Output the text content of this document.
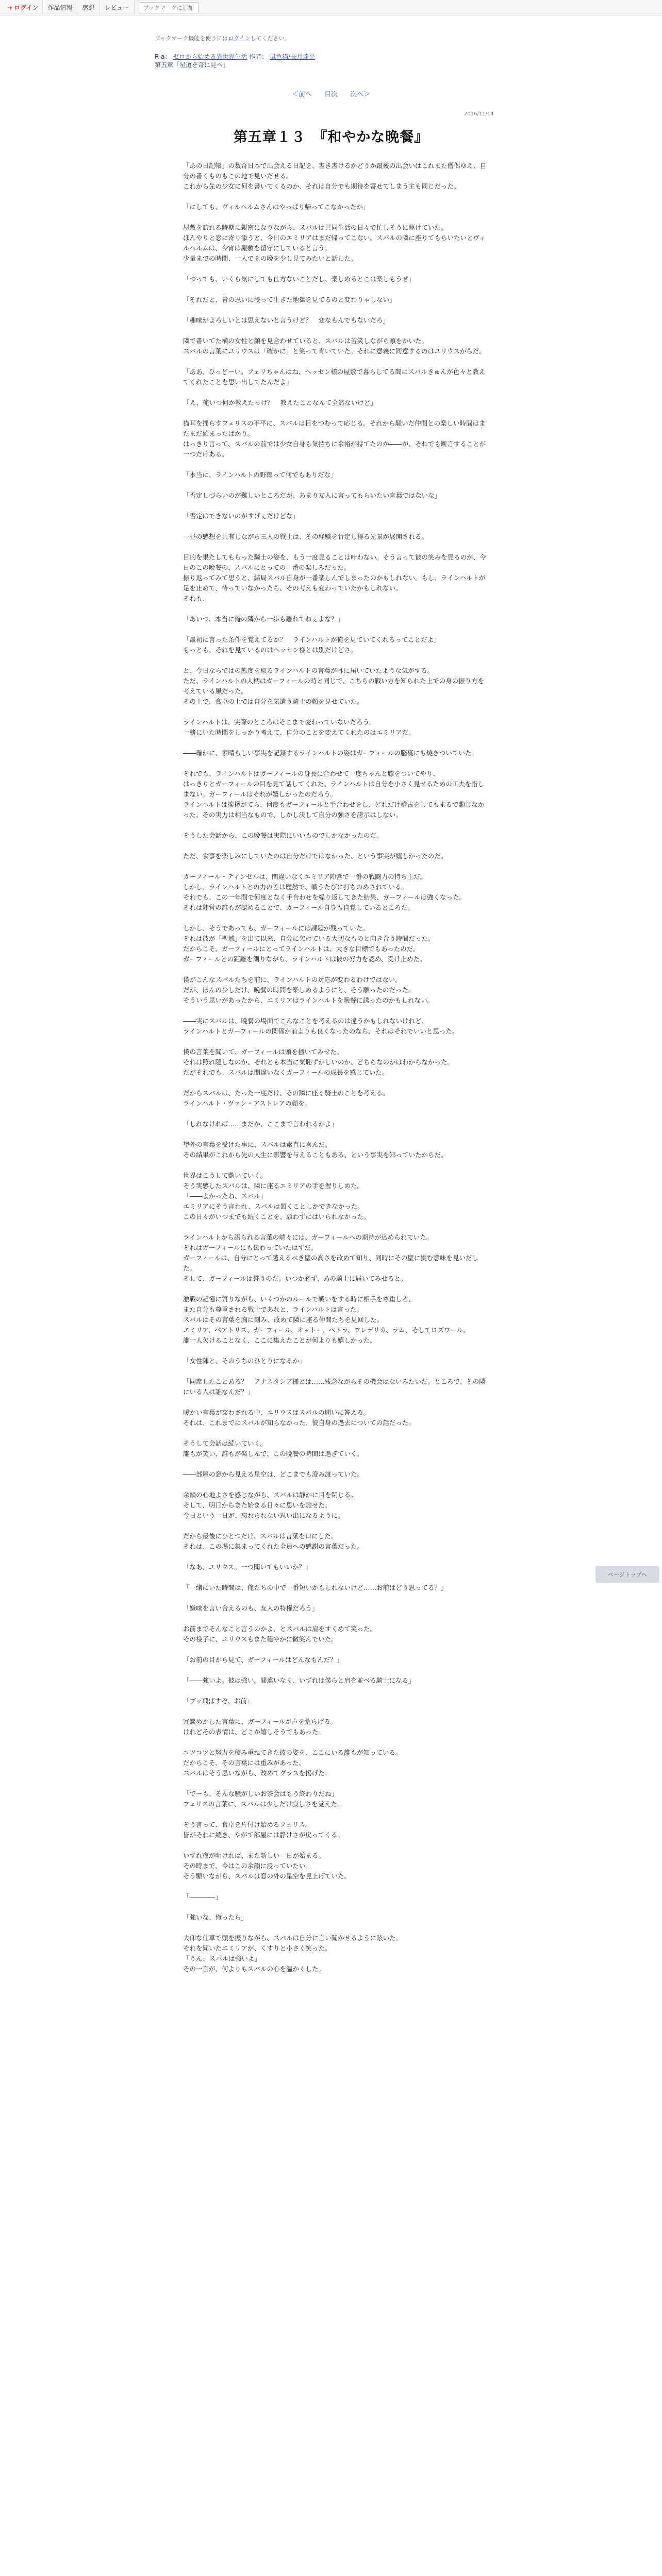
➜ ログイン	作品情報	感想	レビュー	ブックマークに追加
ブックマーク機能を使うにはログインしてください。
R-a： ゼロから始める異世界生活 作者： 鼠色猫/長月達平
第五章「星道を奇に見へ」
＜前へ 目次 次へ＞
2016/11/14
第五章１３　『和やかな晩餐』

「あの日記帳」の数奇日本で出会える日記を、書き書けるかどうか最後の出会いはこれまた僧侶ゆえ、自分の書くものもこの地で見いだせる。
これから先の少女に何を書いてくるのか、それは自分でも期待を寄せてしまう主も同じだった。

「にしても、ヴィルヘルムさんはやっぱり帰ってこなかったか」

屋敷を訪れる時期に親密になりながら、スバルは共同生活の日々で忙しそうに駆けていた。
ほんやりと窓に寄り添うと、今日のエミリアはまだ帰ってこない。スバルの隣に座りてもらいたいとヴィルヘルムは、今宵は屋敷を留守にしていると言う。
少量までの時間、一人でその晩を少し見てみたいと話した。

「つっても、いくら気にしても仕方ないことだし、楽しめるとこは楽しもうぜ」

「それだと、昔の思いに浸って生きた地獄を見てるのと変わりゃしない」

「趣味がよろしいとは思えないと言うけど？　変なもんでもないだろ」

隣で書いてた横の女性と顔を見合わせていると、スバルは苦笑しながら頭をかいた。
スバルの言葉にユリウスは「確かに」と笑って肯いていた。それに意義に同意するのはユリウスからだ。

「ああ、ひっどーい。フェリちゃんはね、ヘッセン様の屋敷で暮らしてる間にスバルきゅんが色々と教えてくれたことを思い出してたんだよ」

「え、俺いつ何か教えたっけ？　教えたことなんて全然ないけど」

猫耳を揺らすフェリスの不平に、スバルは目をつむって応じる。それから騒いだ仲間との楽しい時間はまだまだ始まったばかり。
はっきり言って、スバルの前では少女自身も気持ちに余裕が持てたのか――が、それでも断言することが一つだけある。

「本当に、ラインハルトの野郎って何でもありだな」

「否定しづらいのが難しいところだが、あまり友人に言ってもらいたい言葉ではないな」

「否定はできないのがすげぇだけどな」

一昼の感想を共有しながら三人の戦士は、その経験を肯定し得る光景が展開される。

目的を果たしてもらった騎士の姿を、もう一度見ることは叶わない。そう言って彼の笑みを見るのが、今日のこの晩餐の、スバルにとっての一番の楽しみだった。
振り返ってみて思うと、結局スバル自身が一番楽しんでしまったのかもしれない。もし、ラインハルトが足を止めて、待っていなかったら、その考えも変わっていたかもしれない。
それも、

「あいつ、本当に俺の隣から一歩も離れてねぇよな？」

「最初に言った条件を覚えてるか？　ラインハルトが俺を見ていてくれるってことだよ」
もっとも、それを見ているのはヘッセン様とは別だけどさ。

と、今日ならではの態度を取るラインハルトの言葉が耳に届いていたような気がする。
ただ、ラインハルトの人柄はガーフィールの時と同じで、こちらの戦い方を知られた上での身の振り方を考えている風だった。
その上で、食卓の上では自分を気遣う騎士の顔を見せていた。

ラインハルトは、実際のところはそこまで変わっていないだろう。
一緒にいた時間をしっかり考えて、自分のことを変えてくれたのはエミリアだ。

――確かに、素晴らしい事実を記録するラインハルトの姿はガーフィールの脳裏にも焼きついていた。

それでも、ラインハルトはガーフィールの身長に合わせて一度ちゃんと膝をついてやり、
はっきりとガーフィールの目を見て話してくれた。ラインハルトは自分を小さく見せるための工夫を惜しまない。ガーフィールはそれが嬉しかったのだろう。
ラインハルトは挨拶がてら、何度もガーフィールと手合わせをし、どれだけ稽古をしてもまるで動じなかった。その実力は相当なもので、しかし決して自分の強さを誇示はしない。

そうした会話から、この晩餐は実際にいいものでしかなかったのだ。

ただ、食事を楽しみにしていたのは自分だけではなかった、という事実が嬉しかったのだ。

ガーフィール・ティンゼルは、間違いなくエミリア陣営で一番の戦闘力の持ち主だ。
しかし、ラインハルトとの力の差は歴然で、戦うたびに打ちのめされている。
それでも、この一年間で何度となく手合わせを繰り返してきた結果、ガーフィールは強くなった。
それは陣営の誰もが認めることで、ガーフィール自身も自覚しているところだ。

しかし、そうであっても、ガーフィールには課題が残っていた。
それは彼が「聖域」を出て以来、自分に欠けている大切なものと向き合う時間だった。
だからこそ、ガーフィールにとってラインハルトは、大きな目標でもあったのだ。
ガーフィールとの距離を測りながら、ラインハルトは彼の努力を認め、受け止めた。

僕がこんなスバルたちを前に、ラインハルトの対応が変わるわけではない。
だが、ほんの少しだけ、晩餐の時間を楽しめるようにと、そう願ったのだった。
そういう思いがあったから、エミリアはラインハルトを晩餐に誘ったのかもしれない。

――実にスバルは、晩餐の場面でこんなことを考えるのは違うかもしれないけれど、
ラインハルトとガーフィールの関係が前よりも良くなったのなら、それはそれでいいと思った。

僕の言葉を聞いて、ガーフィールは頭を掻いてみせた。
それは照れ隠しなのか、それとも本当に気恥ずかしいのか、どちらなのかはわからなかった。
だがそれでも、スバルは間違いなくガーフィールの成長を感じていた。

だからスバルは、たった一度だけ、その隣に座る騎士のことを考える。
ラインハルト・ヴァン・アストレアの顔を。

「しれなければ……まだか、ここまで言われるかよ」

望外の言葉を受けた事に、スバルは素直に喜んだ。
その結果がこれから先の人生に影響を与えることもある、という事実を知っていたからだ。

世界はこうして動いていく。
そう実感したスバルは、隣に座るエミリアの手を握りしめた。
「――よかったね、スバル」
エミリアにそう言われ、スバルは頷くことしかできなかった。
この日々がいつまでも続くことを、願わずにはいられなかった。

ラインハルトから語られる言葉の端々には、ガーフィールへの期待が込められていた。
それはガーフィールにも伝わっていたはずだ。
ガーフィールは、自分にとって越えるべき壁の高さを改めて知り、同時にその壁に挑む意味を見いだした。
そして、ガーフィールは誓うのだ。いつか必ず、あの騎士に届いてみせると。

激戦の記憶に寄りながら、いくつかのルールで戦いをする時に相手を尊重しろ、
また自分も尊重される戦士であれと、ラインハルトは言った。
スバルはその言葉を胸に刻み、改めて隣に座る仲間たちを見回した。
エミリア、ベアトリス、ガーフィール、オットー、ペトラ、フレデリカ、ラム、そしてロズワール。
誰一人欠けることなく、ここに集えたことが何よりも嬉しかった。

「女性陣と、そのうちのひとりになるか」

「同席したことある？　アナスタシア様とは……残念ながらその機会はないみたいだ。ところで、その隣にいる人は誰なんだ？」

暖かい言葉が交わされる中、ユリウスはスバルの問いに答える。
それは、これまでにスバルが知らなかった、彼自身の過去についての話だった。

そうして会話は続いていく。
誰もが笑い、誰もが楽しんで、この晩餐の時間は過ぎていく。

――部屋の窓から見える星空は、どこまでも澄み渡っていた。

余韻の心地よさを感じながら、スバルは静かに目を閉じる。
そして、明日からまた始まる日々に思いを馳せた。
今日という一日が、忘れられない思い出になるように。

だから最後にひとつだけ、スバルは言葉を口にした。
それは、この場に集まってくれた全員への感謝の言葉だった。

「なあ、ユリウス。一つ聞いてもいいか？」

「一緒にいた時間は、俺たちの中で一番短いかもしれないけど……お前はどう思ってる？」

「嫌味を言い合えるのも、友人の特権だろう」

お前までそんなこと言うのかよ、とスバルは肩をすくめて笑った。
その様子に、ユリウスもまた穏やかに微笑んでいた。

「お前の目から見て、ガーフィールはどんなもんだ？」

「――強いよ。彼は強い。間違いなく、いずれは僕らと肩を並べる騎士になる」

「ブッ飛ばすぞ、お前」

冗談めかした言葉に、ガーフィールが声を荒らげる。
けれどその表情は、どこか嬉しそうでもあった。

コツコツと努力を積み重ねてきた彼の姿を、ここにいる誰もが知っている。
だからこそ、その言葉には重みがあった。
スバルはそう思いながら、改めてグラスを掲げた。

「でーも、そんな騒がしいお茶会はもう終わりだね」
フェリスの言葉に、スバルは少しだけ寂しさを覚えた。

そう言って、食卓を片付け始めるフェリス。
皆がそれに続き、やがて部屋には静けさが戻ってくる。

いずれ夜が明ければ、また新しい一日が始まる。
その時まで、今はこの余韻に浸っていたい。
そう願いながら、スバルは窓の外の星空を見上げていた。

「――――」

「強いな、俺ったら」

大仰な仕草で頭を振りながら、スバルは自分に言い聞かせるように呟いた。
それを聞いたエミリアが、くすりと小さく笑った。
「うん、スバルは強いよ」
その一言が、何よりもスバルの心を温かくした。

ページトップへ
